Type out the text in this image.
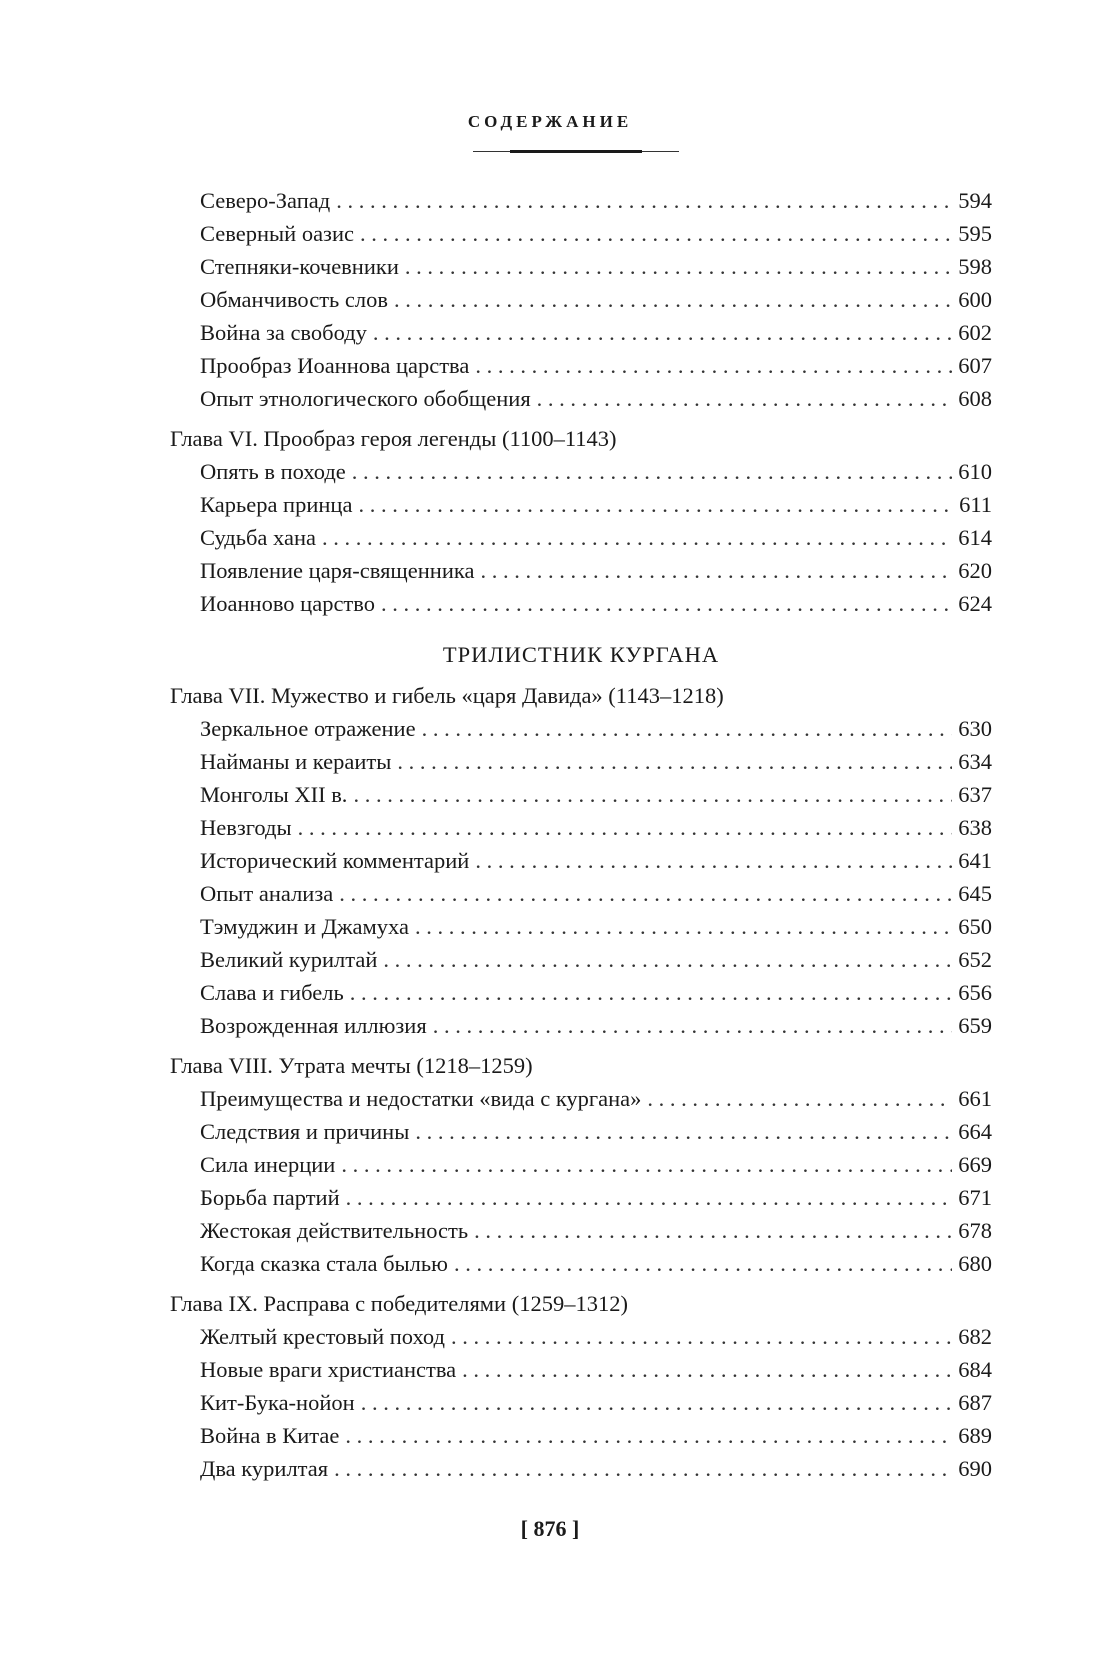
СОДЕРЖАНИЕ
Северо-Запад . . .	594
Северный оазис . . .	595
Степняки-кочевники . . .	598
Обманчивость слов . . .	600
Война за свободу . . .	602
Прообраз Иоаннова царства . . .	607
Опыт этнологического обобщения . . .	608
Глава VI. Прообраз героя легенды (1100–1143)
Опять в походе . . .	610
Карьера принца . . .	611
Судьба хана . . .	614
Появление царя-священника . . .	620
Иоанново царство . . .	624
ТРИЛИСТНИК КУРГАНА
Глава VII. Мужество и гибель «царя Давида» (1143–1218)
Зеркальное отражение . . .	630
Найманы и кераиты . . .	634
Монголы XII в. . . .	637
Невзгоды . . .	638
Исторический комментарий . . .	641
Опыт анализа . . .	645
Тэмуджин и Джамуха . . .	650
Великий курилтай . . .	652
Слава и гибель . . .	656
Возрожденная иллюзия . . .	659
Глава VIII. Утрата мечты (1218–1259)
Преимущества и недостатки «вида с кургана» . . .	661
Следствия и причины . . .	664
Сила инерции . . .	669
Борьба партий . . .	671
Жестокая действительность . . .	678
Когда сказка стала былью . . .	680
Глава IX. Расправа с победителями (1259–1312)
Желтый крестовый поход . . .	682
Новые враги христианства . . .	684
Кит-Бука-нойон . . .	687
Война в Китае . . .	689
Два курилтая . . .	690
[ 876 ]
